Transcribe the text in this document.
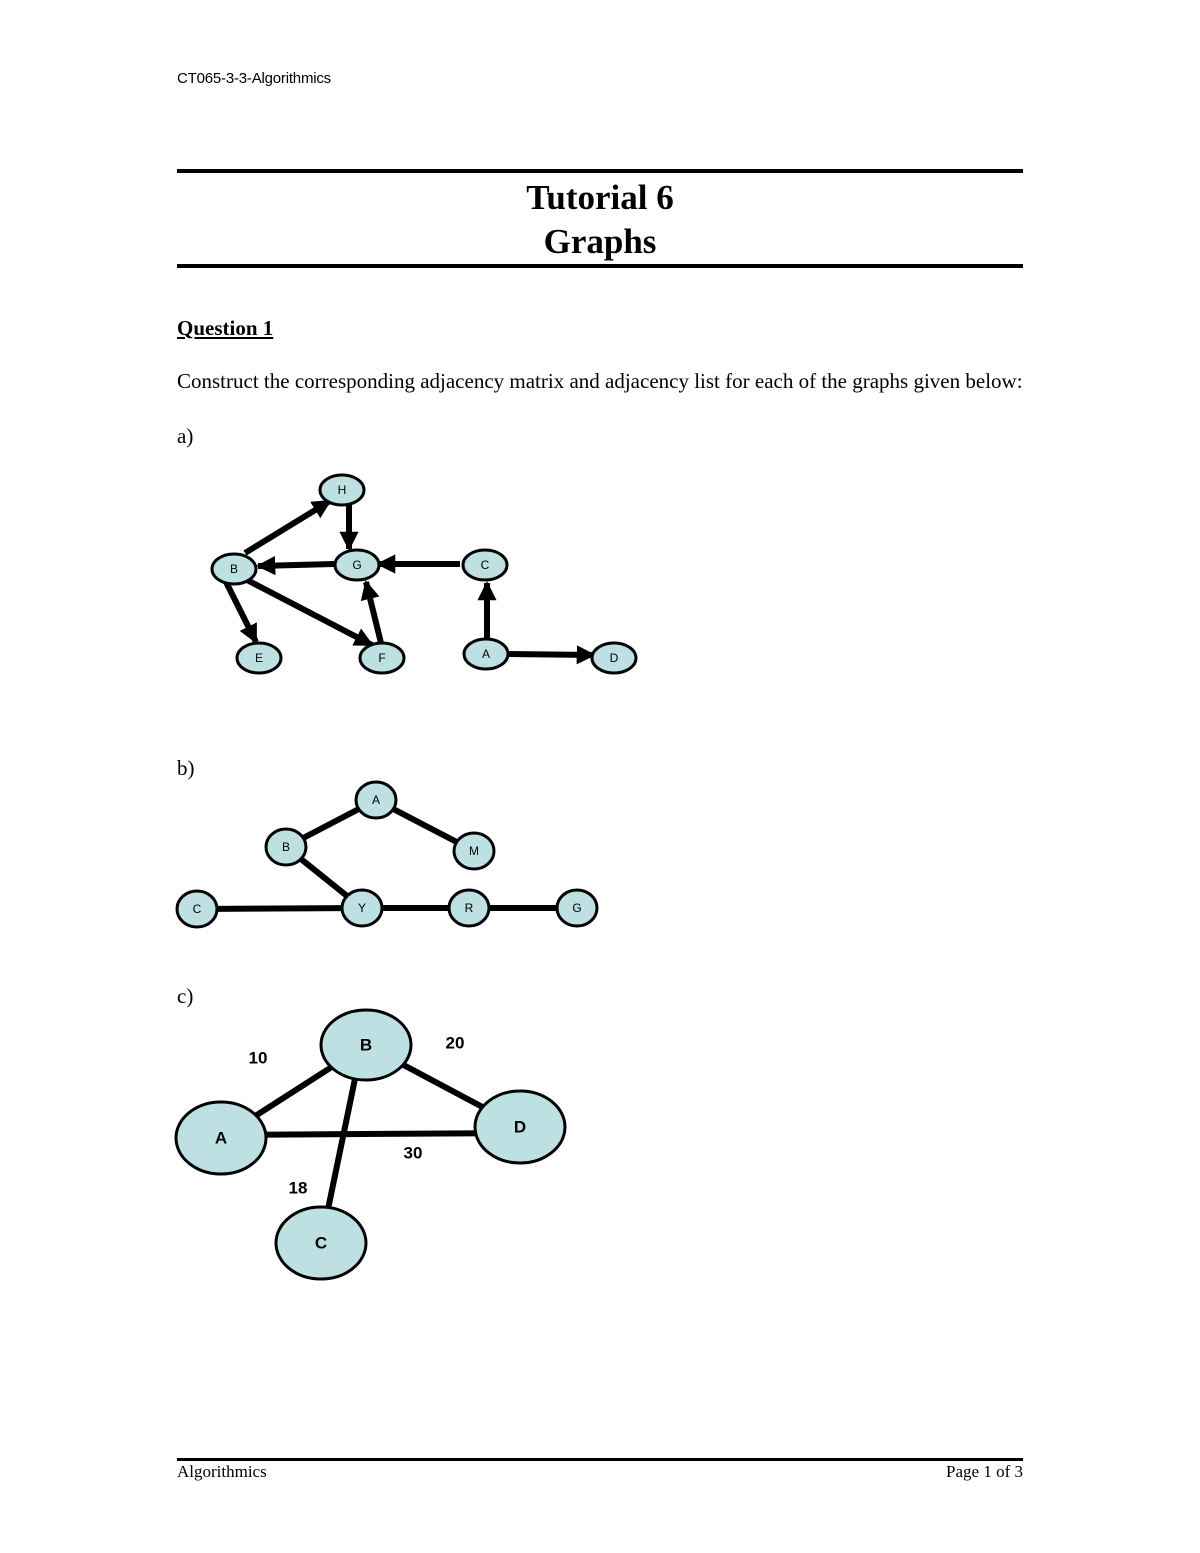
CT065-3-3-Algorithmics
Tutorial 6
Graphs
Question 1
Construct the corresponding adjacency matrix and adjacency list for each of the graphs given below:
a)
b)
c)
H
B	G	C
E	F	A	D
A
B	M
C	Y	R	G
B
A
D
C
10
20
30
18
Algorithmics	Page 1 of 3
